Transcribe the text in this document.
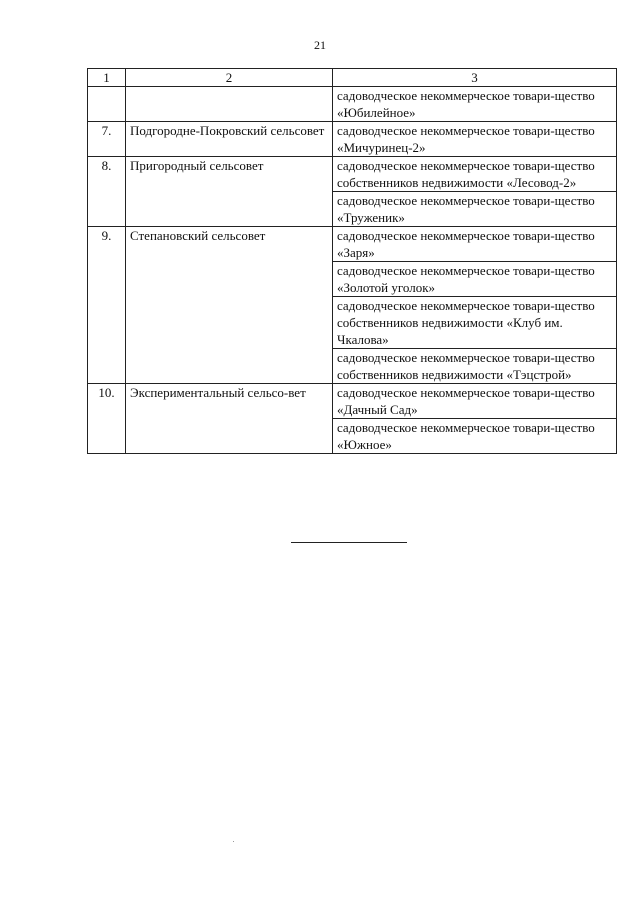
21
1	2	3
		садоводческое некоммерческое товари-щество «Юбилейное»
7.	Подгородне-Покровский сельсовет	садоводческое некоммерческое товари-щество «Мичуринец-2»
8.	Пригородный сельсовет	садоводческое некоммерческое товари-щество собственников недвижимости «Лесовод-2»
		садоводческое некоммерческое товари-щество «Труженик»
9.	Степановский сельсовет	садоводческое некоммерческое товари-щество «Заря»
		садоводческое некоммерческое товари-щество «Золотой уголок»
		садоводческое некоммерческое товари-щество собственников недвижимости «Клуб им. Чкалова»
		садоводческое некоммерческое товари-щество собственников недвижимости «Тэцстрой»
10.	Экспериментальный сельсо-вет	садоводческое некоммерческое товари-щество «Дачный Сад»
		садоводческое некоммерческое товари-щество «Южное»
